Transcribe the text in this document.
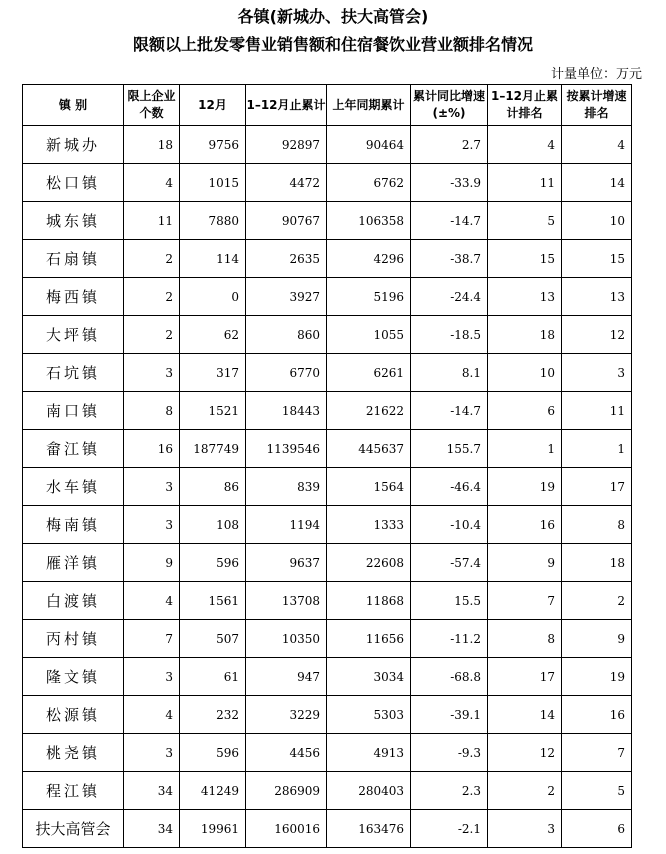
各镇(新城办、扶大高管会)
限额以上批发零售业销售额和住宿餐饮业营业额排名情况
计量单位：万元
镇 别	限上企业个数	12月	1–12月止累计	上年同期累计	累计同比增速(±%)	1–12月止累计排名	按累计增速排名
新城办	18	9756	92897	90464	2.7	4	4
松口镇	4	1015	4472	6762	-33.9	11	14
城东镇	11	7880	90767	106358	-14.7	5	10
石扇镇	2	114	2635	4296	-38.7	15	15
梅西镇	2	0	3927	5196	-24.4	13	13
大坪镇	2	62	860	1055	-18.5	18	12
石坑镇	3	317	6770	6261	8.1	10	3
南口镇	8	1521	18443	21622	-14.7	6	11
畲江镇	16	187749	1139546	445637	155.7	1	1
水车镇	3	86	839	1564	-46.4	19	17
梅南镇	3	108	1194	1333	-10.4	16	8
雁洋镇	9	596	9637	22608	-57.4	9	18
白渡镇	4	1561	13708	11868	15.5	7	2
丙村镇	7	507	10350	11656	-11.2	8	9
隆文镇	3	61	947	3034	-68.8	17	19
松源镇	4	232	3229	5303	-39.1	14	16
桃尧镇	3	596	4456	4913	-9.3	12	7
程江镇	34	41249	286909	280403	2.3	2	5
扶大高管会	34	19961	160016	163476	-2.1	3	6
